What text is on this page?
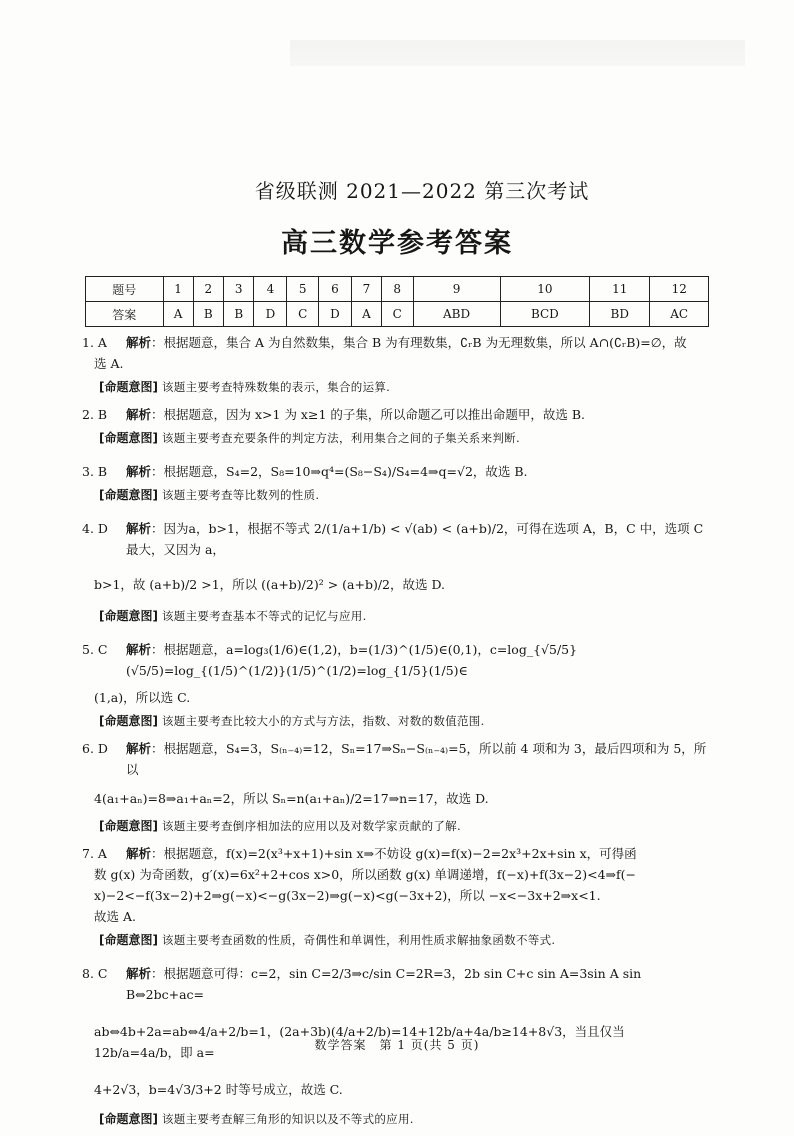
省级联测 2021—2022 第三次考试
高三数学参考答案
题号	1	2	3	4	5	6	7	8	9	10	11	12
答案	A	B	B	D	C	D	A	C	ABD	BCD	BD	AC
1. A	解析：根据题意，集合 A 为自然数集，集合 B 为有理数集，∁ᵣB 为无理数集，所以 A∩(∁ᵣB)=∅，故
选 A.
[命题意图] 该题主要考查特殊数集的表示，集合的运算.
2. B	解析：根据题意，因为 x>1 为 x≥1 的子集，所以命题乙可以推出命题甲，故选 B.
[命题意图] 该题主要考查充要条件的判定方法，利用集合之间的子集关系来判断.
3. B	解析：根据题意，S₄=2，S₈=10⇒q⁴=(S₈−S₄)/S₄=4⇒q=√2，故选 B.
[命题意图] 该题主要考查等比数列的性质.
4. D	解析：因为a，b>1，根据不等式 2/(1/a+1/b) < √(ab) < (a+b)/2，可得在选项 A，B，C 中，选项 C 最大，又因为 a，
b>1，故 (a+b)/2 >1，所以 ((a+b)/2)² > (a+b)/2，故选 D.
[命题意图] 该题主要考查基本不等式的记忆与应用.
5. C	解析：根据题意，a=log₃(1/6)∈(1,2)，b=(1/3)^(1/5)∈(0,1)，c=log_{√5/5}(√5/5)=log_{(1/5)^(1/2)}(1/5)^(1/2)=log_{1/5}(1/5)∈
(1,a)，所以选 C.
[命题意图] 该题主要考查比较大小的方式与方法，指数、对数的数值范围.
6. D	解析：根据题意，S₄=3，S₍ₙ₋₄₎=12，Sₙ=17⇒Sₙ−S₍ₙ₋₄₎=5，所以前 4 项和为 3，最后四项和为 5，所以
4(a₁+aₙ)=8⇒a₁+aₙ=2，所以 Sₙ=n(a₁+aₙ)/2=17⇒n=17，故选 D.
[命题意图] 该题主要考查倒序相加法的应用以及对数学家贡献的了解.
7. A	解析：根据题意，f(x)=2(x³+x+1)+sin x⇒不妨设 g(x)=f(x)−2=2x³+2x+sin x，可得函
数 g(x) 为奇函数，g′(x)=6x²+2+cos x>0，所以函数 g(x) 单调递增，f(−x)+f(3x−2)<4⇒f(−
x)−2<−f(3x−2)+2⇒g(−x)<−g(3x−2)⇒g(−x)<g(−3x+2)，所以 −x<−3x+2⇒x<1.
故选 A.
[命题意图] 该题主要考查函数的性质，奇偶性和单调性，利用性质求解抽象函数不等式.
8. C	解析：根据题意可得：c=2，sin C=2/3⇒c/sin C=2R=3，2b sin C+c sin A=3sin A sin B⇔2bc+ac=
ab⇔4b+2a=ab⇔4/a+2/b=1，(2a+3b)(4/a+2/b)=14+12b/a+4a/b≥14+8√3，当且仅当 12b/a=4a/b，即 a=
4+2√3，b=4√3/3+2 时等号成立，故选 C.
[命题意图] 该题主要考查解三角形的知识以及不等式的应用.
数学答案　第 1 页(共 5 页)
